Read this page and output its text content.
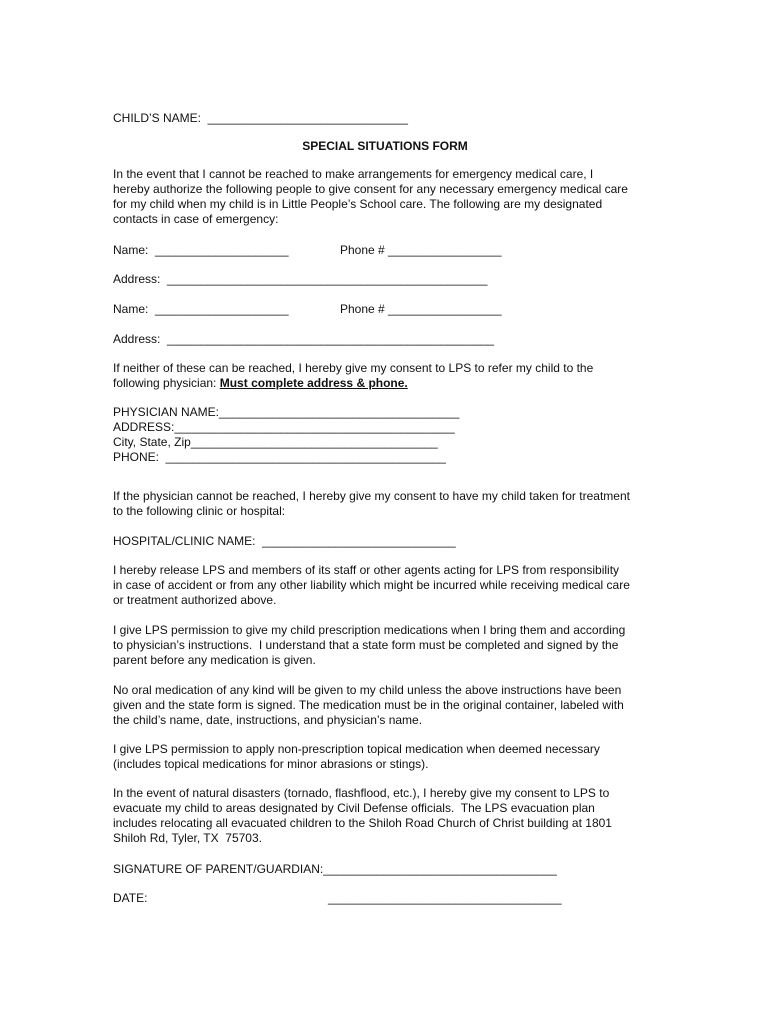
CHILD’S NAME:  ______________________________
SPECIAL SITUATIONS FORM
In the event that I cannot be reached to make arrangements for emergency medical care, I
hereby authorize the following people to give consent for any necessary emergency medical care
for my child when my child is in Little People’s School care. The following are my designated
contacts in case of emergency:
Name:  ____________________	Phone # _________________
Address:  ________________________________________________
Name:  ____________________	Phone # _________________
Address:  _________________________________________________
If neither of these can be reached, I hereby give my consent to LPS to refer my child to the
following physician: Must complete address & phone.
PHYSICIAN NAME:____________________________________
ADDRESS:__________________________________________
City, State, Zip_____________________________________
PHONE:  __________________________________________
If the physician cannot be reached, I hereby give my consent to have my child taken for treatment
to the following clinic or hospital:
HOSPITAL/CLINIC NAME:  _____________________________
I hereby release LPS and members of its staff or other agents acting for LPS from responsibility
in case of accident or from any other liability which might be incurred while receiving medical care
or treatment authorized above.
I give LPS permission to give my child prescription medications when I bring them and according
to physician’s instructions.  I understand that a state form must be completed and signed by the
parent before any medication is given.
No oral medication of any kind will be given to my child unless the above instructions have been
given and the state form is signed. The medication must be in the original container, labeled with
the child’s name, date, instructions, and physician’s name.
I give LPS permission to apply non-prescription topical medication when deemed necessary
(includes topical medications for minor abrasions or stings).
In the event of natural disasters (tornado, flashflood, etc.), I hereby give my consent to LPS to
evacuate my child to areas designated by Civil Defense officials.  The LPS evacuation plan
includes relocating all evacuated children to the Shiloh Road Church of Christ building at 1801
Shiloh Rd, Tyler, TX  75703.
SIGNATURE OF PARENT/GUARDIAN:___________________________________
DATE:	___________________________________
